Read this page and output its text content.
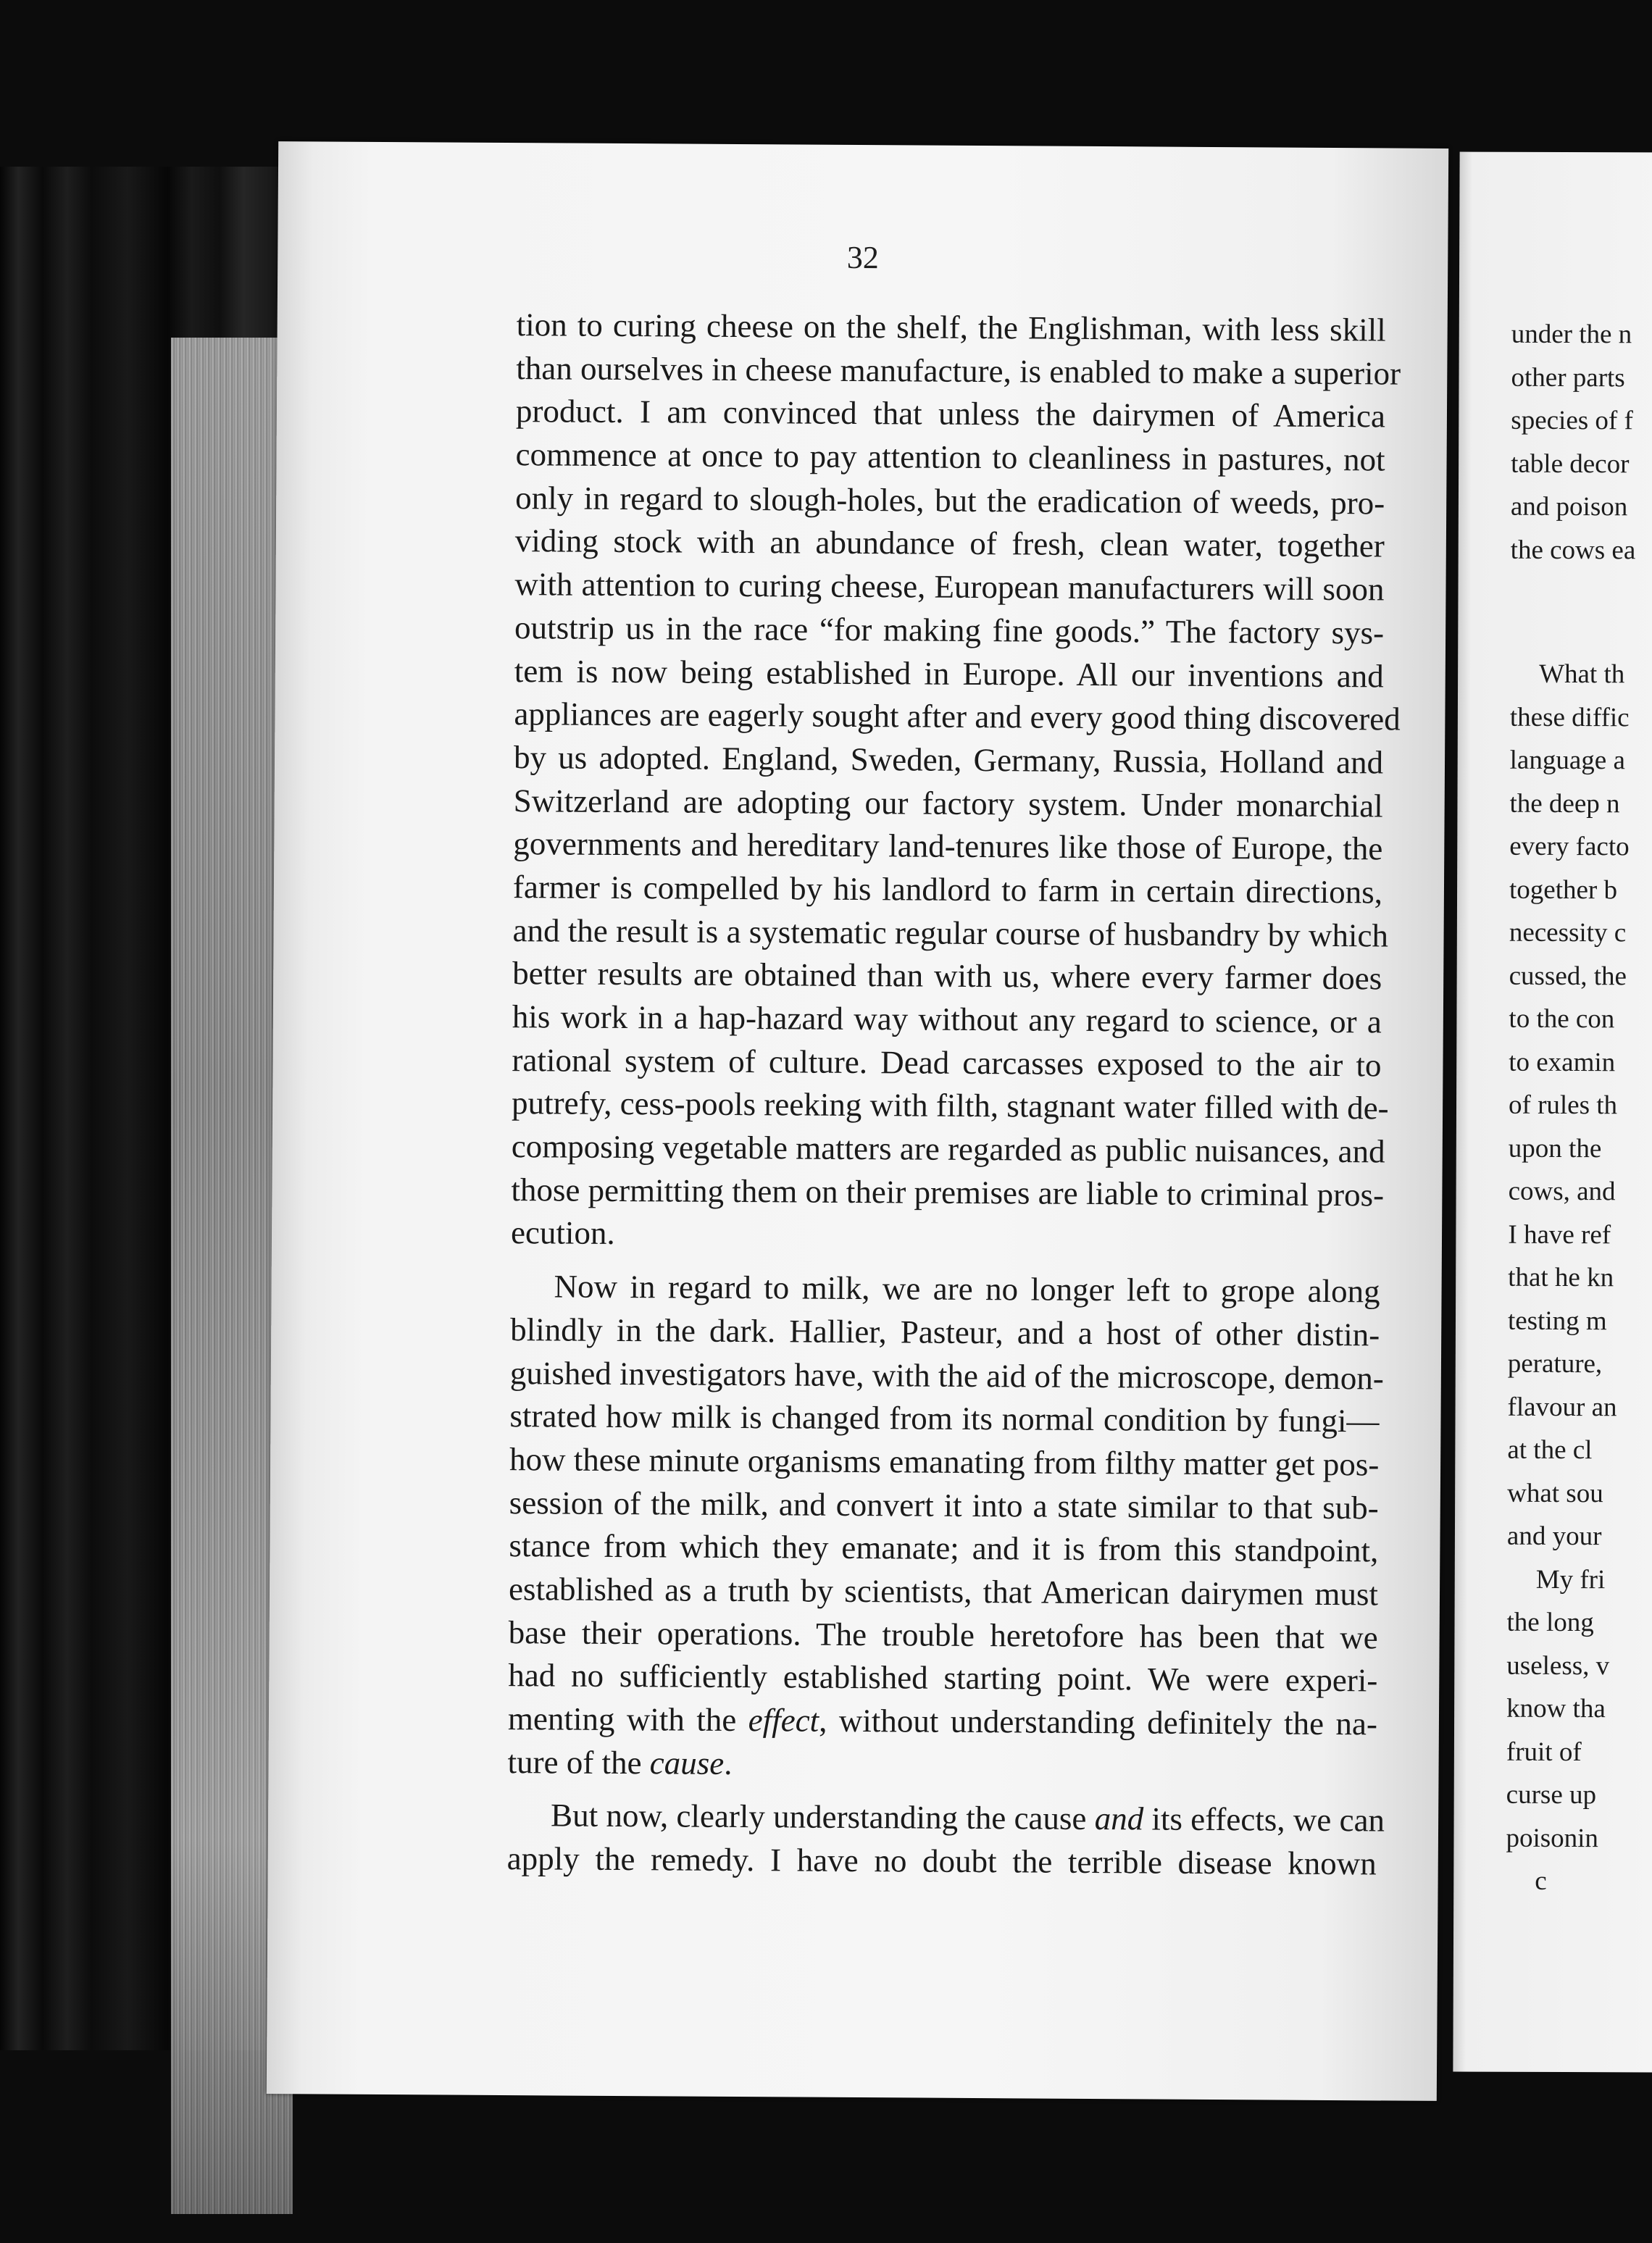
32
tion to curing cheese on the shelf, the Englishman, with less skill
than ourselves in cheese manufacture, is enabled to make a superior
product. I am convinced that unless the dairymen of America
commence at once to pay attention to cleanliness in pastures, not
only in regard to slough-holes, but the eradication of weeds, pro-
viding stock with an abundance of fresh, clean water, together
with attention to curing cheese, European manufacturers will soon
outstrip us in the race “for making fine goods.” The factory sys-
tem is now being established in Europe. All our inventions and
appliances are eagerly sought after and every good thing discovered
by us adopted. England, Sweden, Germany, Russia, Holland and
Switzerland are adopting our factory system. Under monarchial
governments and hereditary land-tenures like those of Europe, the
farmer is compelled by his landlord to farm in certain directions,
and the result is a systematic regular course of husbandry by which
better results are obtained than with us, where every farmer does
his work in a hap-hazard way without any regard to science, or a
rational system of culture. Dead carcasses exposed to the air to
putrefy, cess-pools reeking with filth, stagnant water filled with de-
composing vegetable matters are regarded as public nuisances, and
those permitting them on their premises are liable to criminal pros-
ecution.
Now in regard to milk, we are no longer left to grope along
blindly in the dark. Hallier, Pasteur, and a host of other distin-
guished investigators have, with the aid of the microscope, demon-
strated how milk is changed from its normal condition by fungi—
how these minute organisms emanating from filthy matter get pos-
session of the milk, and convert it into a state similar to that sub-
stance from which they emanate; and it is from this standpoint,
established as a truth by scientists, that American dairymen must
base their operations. The trouble heretofore has been that we
had no sufficiently established starting point. We were experi-
menting with the effect, without understanding definitely the na-
ture of the cause.
But now, clearly understanding the cause and its effects, we can
apply the remedy. I have no doubt the terrible disease known
under the n
other parts
species of f
table decor
and poison
the cows ea
What th
these diffic
language a
the deep n
every facto
together b
necessity c
cussed, the
to the con
to examin
of rules th
upon the
cows, and
I have ref
that he kn
testing m
perature,
flavour an
at the cl
what sou
and your
My fri
the long
useless, v
know tha
fruit of
curse up
poisonin
c
